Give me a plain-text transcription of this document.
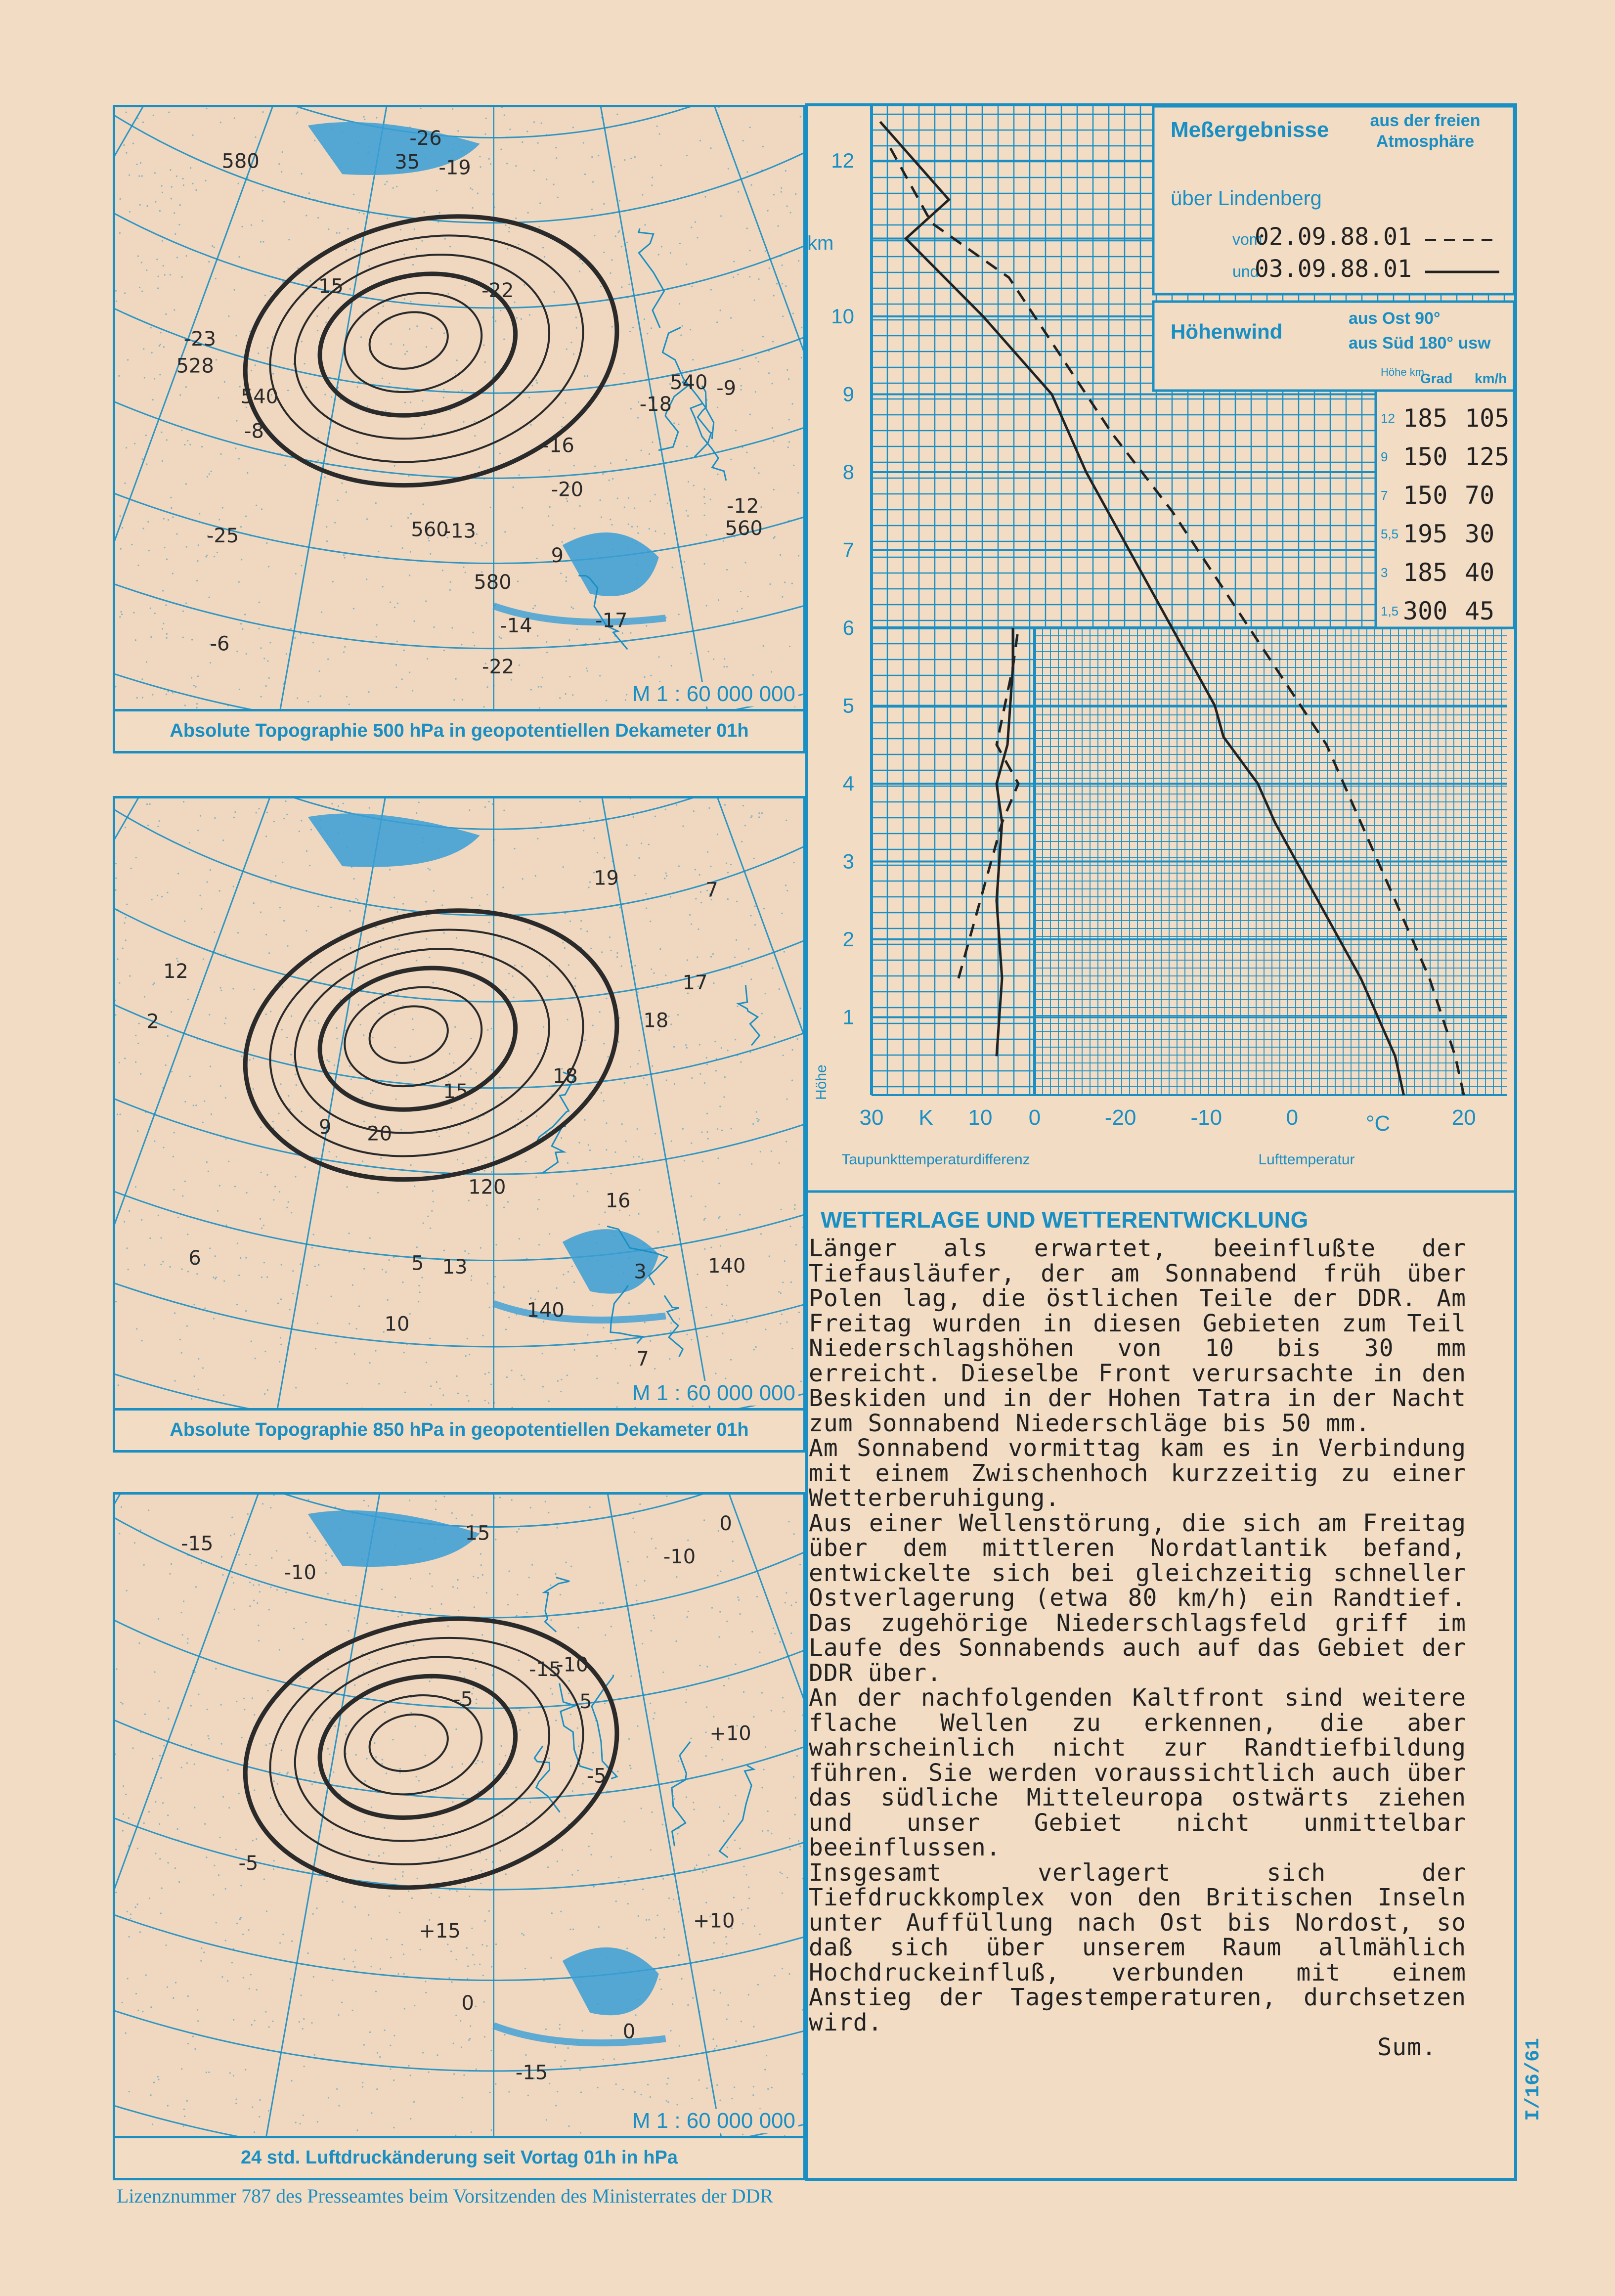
540
560
580
528
-22
-17
-18
-19
-25
-26
-23
-14
-15
-16
-13
-20
-22
-8
-9
-6
-12
35
9
540
560
580
M 1 : 60 000 000
Absolute Topographie 500 hPa in geopotentiellen Dekameter 01h
140
140
120
5
7
6
3
2
10
12	17
18
15
19
18
13
7
9 20
16
M 1 : 60 000 000
Absolute Topographie 850 hPa in geopotentiellen Dekameter 01h
0
-5
-5
-10
-10
-15
-15
-10
+10
+15	+10
0
-5
5
0
15
-15
M 1 : 60 000 000
24 std. Luftdruckänderung seit Vortag 01h in hPa
Meßergebnisse aus der freien Atmosphäre
über Lindenberg
vom
02.09.88.01
und
03.09.88.01
Höhenwind
aus Ost 90°
aus Süd 180° usw
Höhe km
Grad km/h
12 185 105
9 150 125
7 150 70
5,5 195 30
3 185 40
1,5 300 45
km
Höhe
1
2
3
4
5
6
7
8
9
10
12
30 K 10 0	-20	-10	0	°C	20
Taupunkttemperaturdifferenz	Lufttemperatur
WETTERLAGE UND WETTERENTWICKLUNG

Länger als erwartet, beeinflußte der Tiefausläufer, der am Sonnabend früh über Polen lag, die östlichen Teile der DDR. Am Freitag wurden in diesen Gebieten zum Teil Niederschlagshöhen von 10 bis 30 mm erreicht. Dieselbe Front verursachte in den Beskiden und in der Hohen Tatra in der Nacht zum Sonnabend Niederschläge bis 50 mm.

Am Sonnabend vormittag kam es in Verbindung mit einem Zwischenhoch kurzzeitig zu einer Wetterberuhigung.

Aus einer Wellenstörung, die sich am Freitag über dem mittleren Nordatlantik befand, entwickelte sich bei gleichzeitig schneller Ostverlagerung (etwa 80 km/h) ein Randtief. Das zugehörige Niederschlagsfeld griff im Laufe des Sonnabends auch auf das Gebiet der DDR über.

An der nachfolgenden Kaltfront sind weitere flache Wellen zu erkennen, die aber wahrscheinlich nicht zur Randtiefbildung führen. Sie werden voraussichtlich auch über das südliche Mitteleuropa ostwärts ziehen und unser Gebiet nicht unmittelbar beeinflussen.

Insgesamt verlagert sich der Tiefdruckkomplex von den Britischen Inseln unter Auffüllung nach Ost bis Nordost, so daß sich über unserem Raum allmählich Hochdruckeinfluß, verbunden mit einem Anstieg der Tagestemperaturen, durchsetzen wird.

Sum.

Lizenznummer 787 des Presseamtes beim Vorsitzenden des Ministerrates der DDR
I/16/61
